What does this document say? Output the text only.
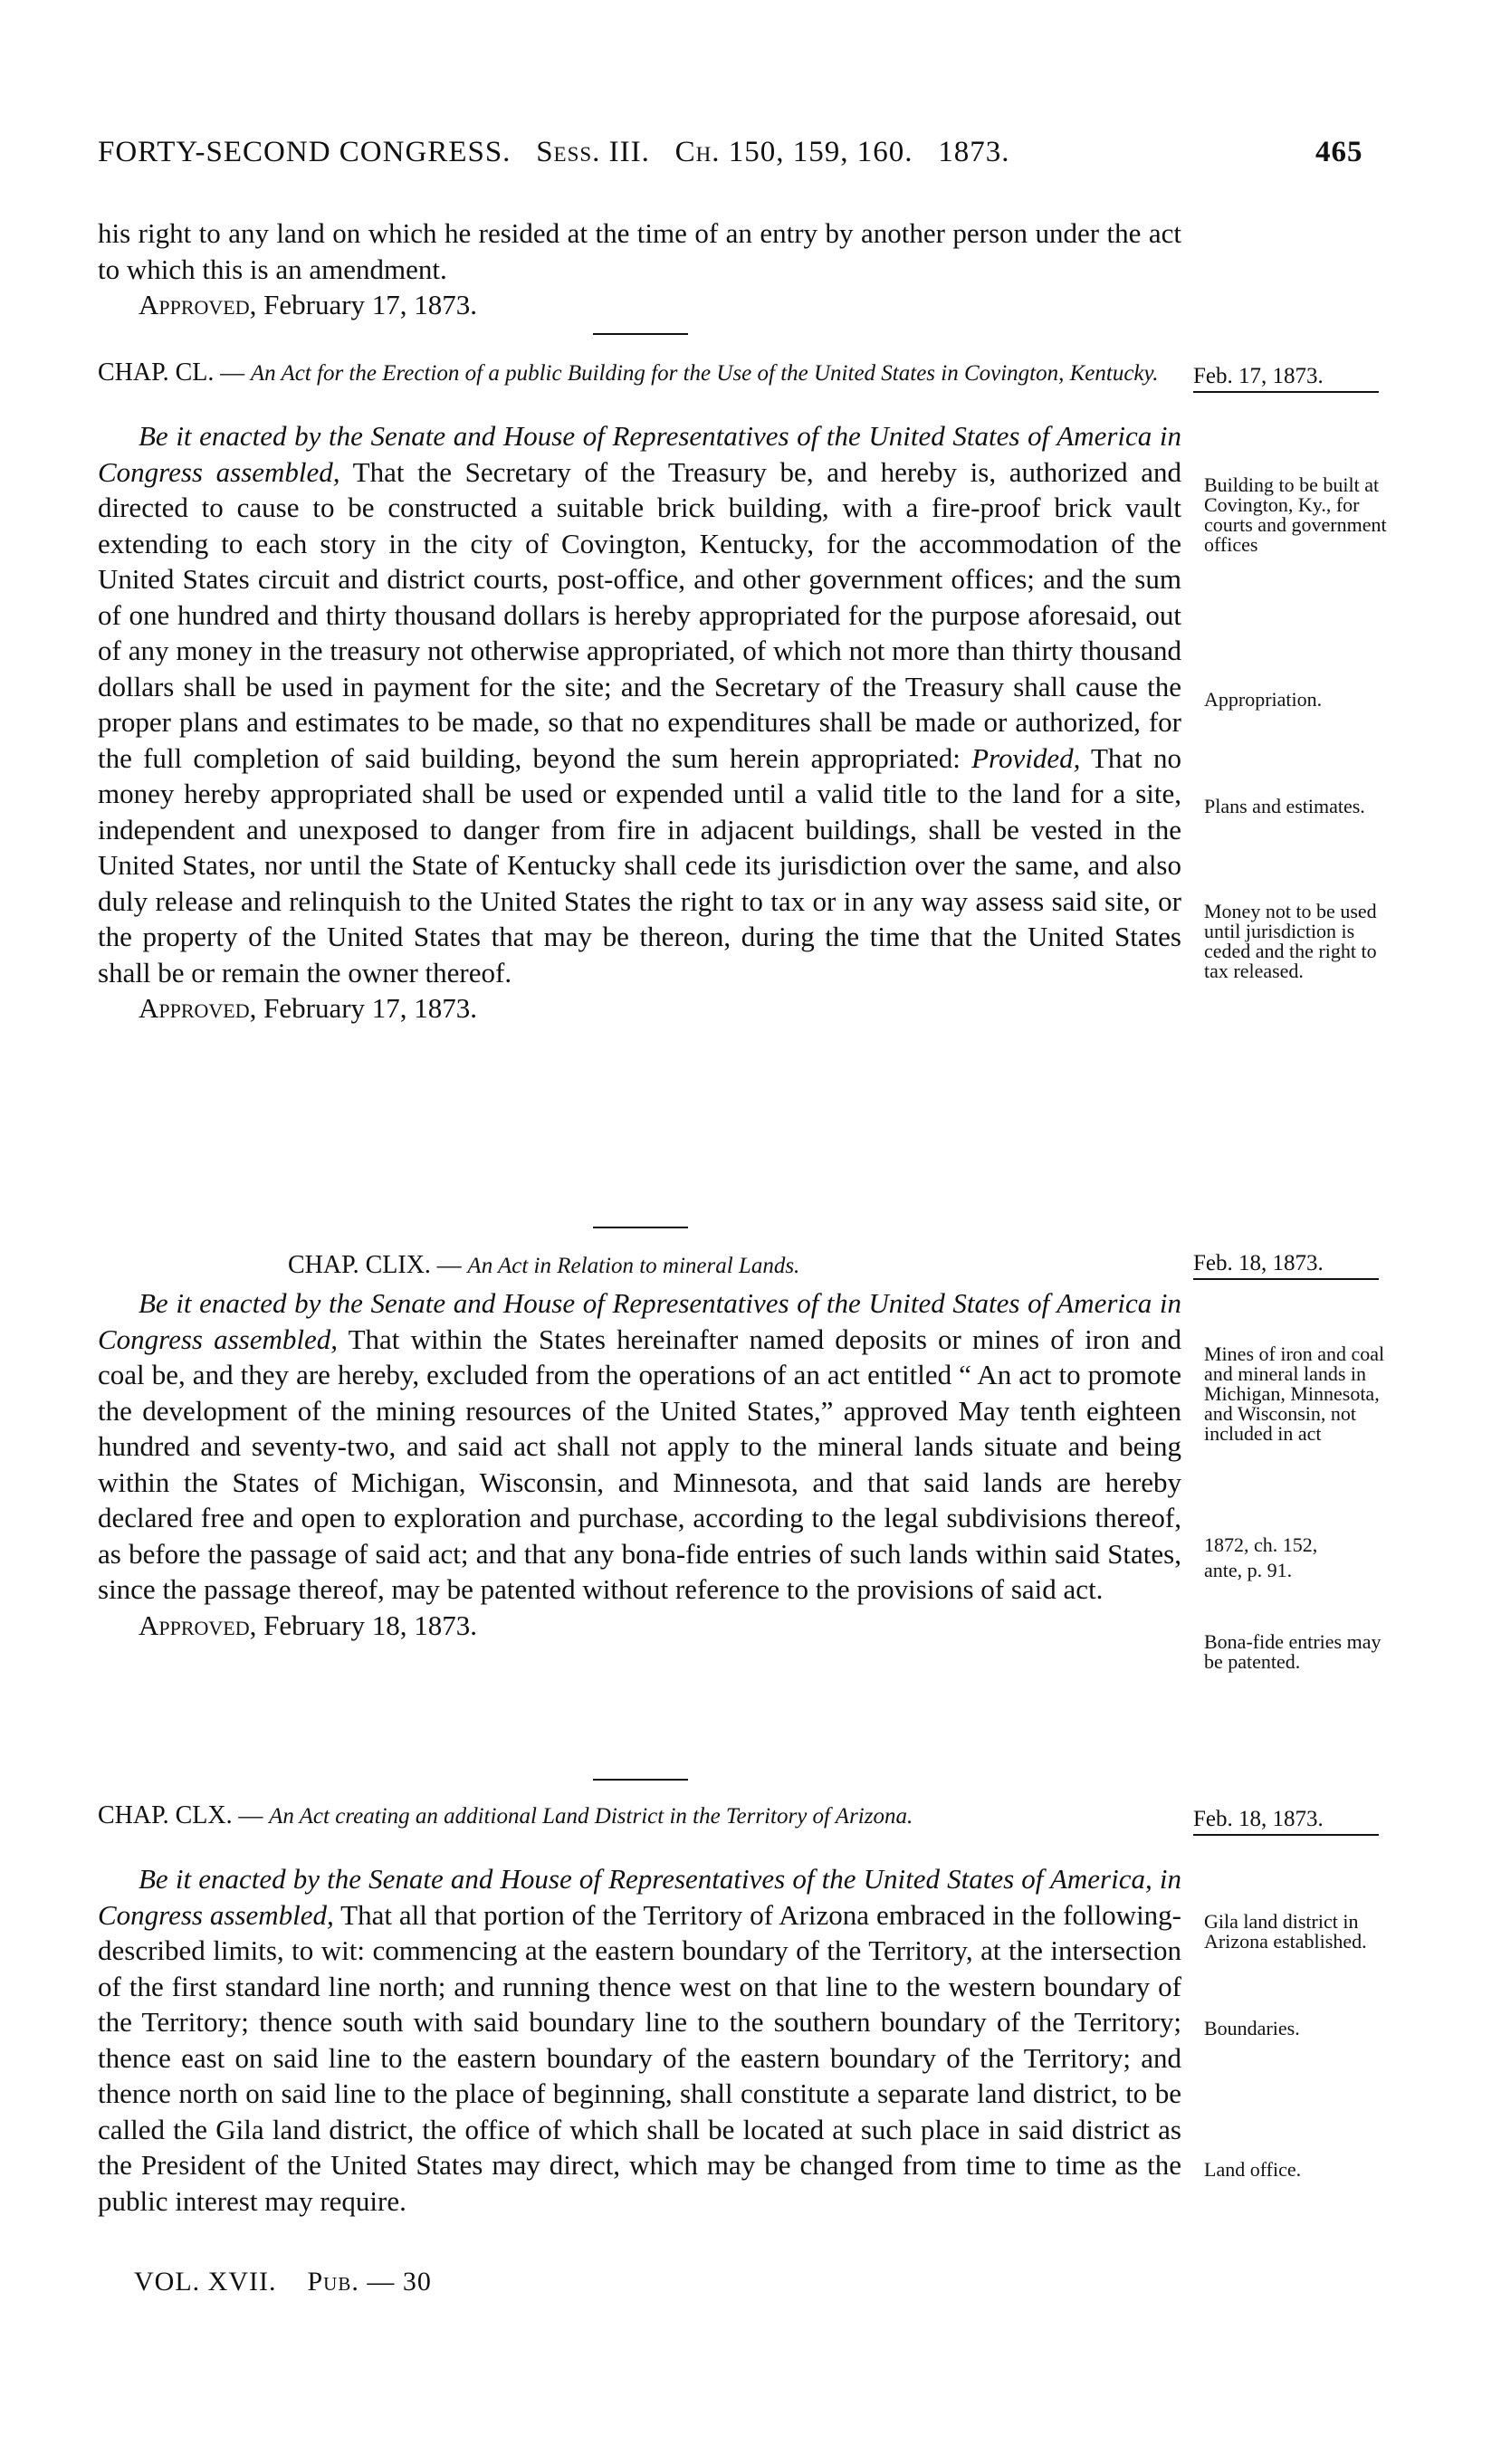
FORTY-SECOND CONGRESS. Sess. III. Ch. 150, 159, 160. 1873.	465

his right to any land on which he resided at the time of an entry by another person under the act to which this is an amendment.

Approved, February 17, 1873.

CHAP. CL. — An Act for the Erection of a public Building for the Use of the United States in Covington, Kentucky.	Feb. 17, 1873.

Be it enacted by the Senate and House of Representatives of the United States of America in Congress assembled, That the Secretary of the Treasury be, and hereby is, authorized and directed to cause to be constructed a suitable brick building, with a fire-proof brick vault extending to each story in the city of Covington, Kentucky, for the accommodation of the United States circuit and district courts, post-office, and other government offices; and the sum of one hundred and thirty thousand dollars is hereby appropriated for the purpose aforesaid, out of any money in the treasury not otherwise appropriated, of which not more than thirty thousand dollars shall be used in payment for the site; and the Secretary of the Treasury shall cause the proper plans and estimates to be made, so that no expenditures shall be made or authorized, for the full completion of said building, beyond the sum herein appropriated: Provided, That no money hereby appropriated shall be used or expended until a valid title to the land for a site, independent and unexposed to danger from fire in adjacent buildings, shall be vested in the United States, nor until the State of Kentucky shall cede its jurisdiction over the same, and also duly release and relinquish to the United States the right to tax or in any way assess said site, or the property of the United States that may be thereon, during the time that the United States shall be or remain the owner thereof.

Approved, February 17, 1873.

Building to be built at Covington, Ky., for courts and government offices
Appropriation.
Plans and estimates.
Money not to be used until jurisdiction is ceded and the right to tax released.
CHAP. CLIX. — An Act in Relation to mineral Lands.	Feb. 18, 1873.

Be it enacted by the Senate and House of Representatives of the United States of America in Congress assembled, That within the States hereinafter named deposits or mines of iron and coal be, and they are hereby, excluded from the operations of an act entitled “ An act to promote the development of the mining resources of the United States,” approved May tenth eighteen hundred and seventy-two, and said act shall not apply to the mineral lands situate and being within the States of Michigan, Wisconsin, and Minnesota, and that said lands are hereby declared free and open to exploration and purchase, according to the legal subdivisions thereof, as before the passage of said act; and that any bona-fide entries of such lands within said States, since the passage thereof, may be patented without reference to the provisions of said act.

Approved, February 18, 1873.

Mines of iron and coal and mineral lands in Michigan, Minnesota, and Wisconsin, not included in act
1872, ch. 152,
ante, p. 91.
Bona-fide entries may be patented.
CHAP. CLX. — An Act creating an additional Land District in the Territory of Arizona.	Feb. 18, 1873.

Be it enacted by the Senate and House of Representatives of the United States of America, in Congress assembled, That all that portion of the Territory of Arizona embraced in the following-described limits, to wit: commencing at the eastern boundary of the Territory, at the intersection of the first standard line north; and running thence west on that line to the western boundary of the Territory; thence south with said boundary line to the southern boundary of the Territory; thence east on said line to the eastern boundary of the eastern boundary of the Territory; and thence north on said line to the place of beginning, shall constitute a separate land district, to be called the Gila land district, the office of which shall be located at such place in said district as the President of the United States may direct, which may be changed from time to time as the public interest may require.

Gila land district in Arizona established.
Boundaries.
Land office.
VOL. XVII. Pub. — 30
